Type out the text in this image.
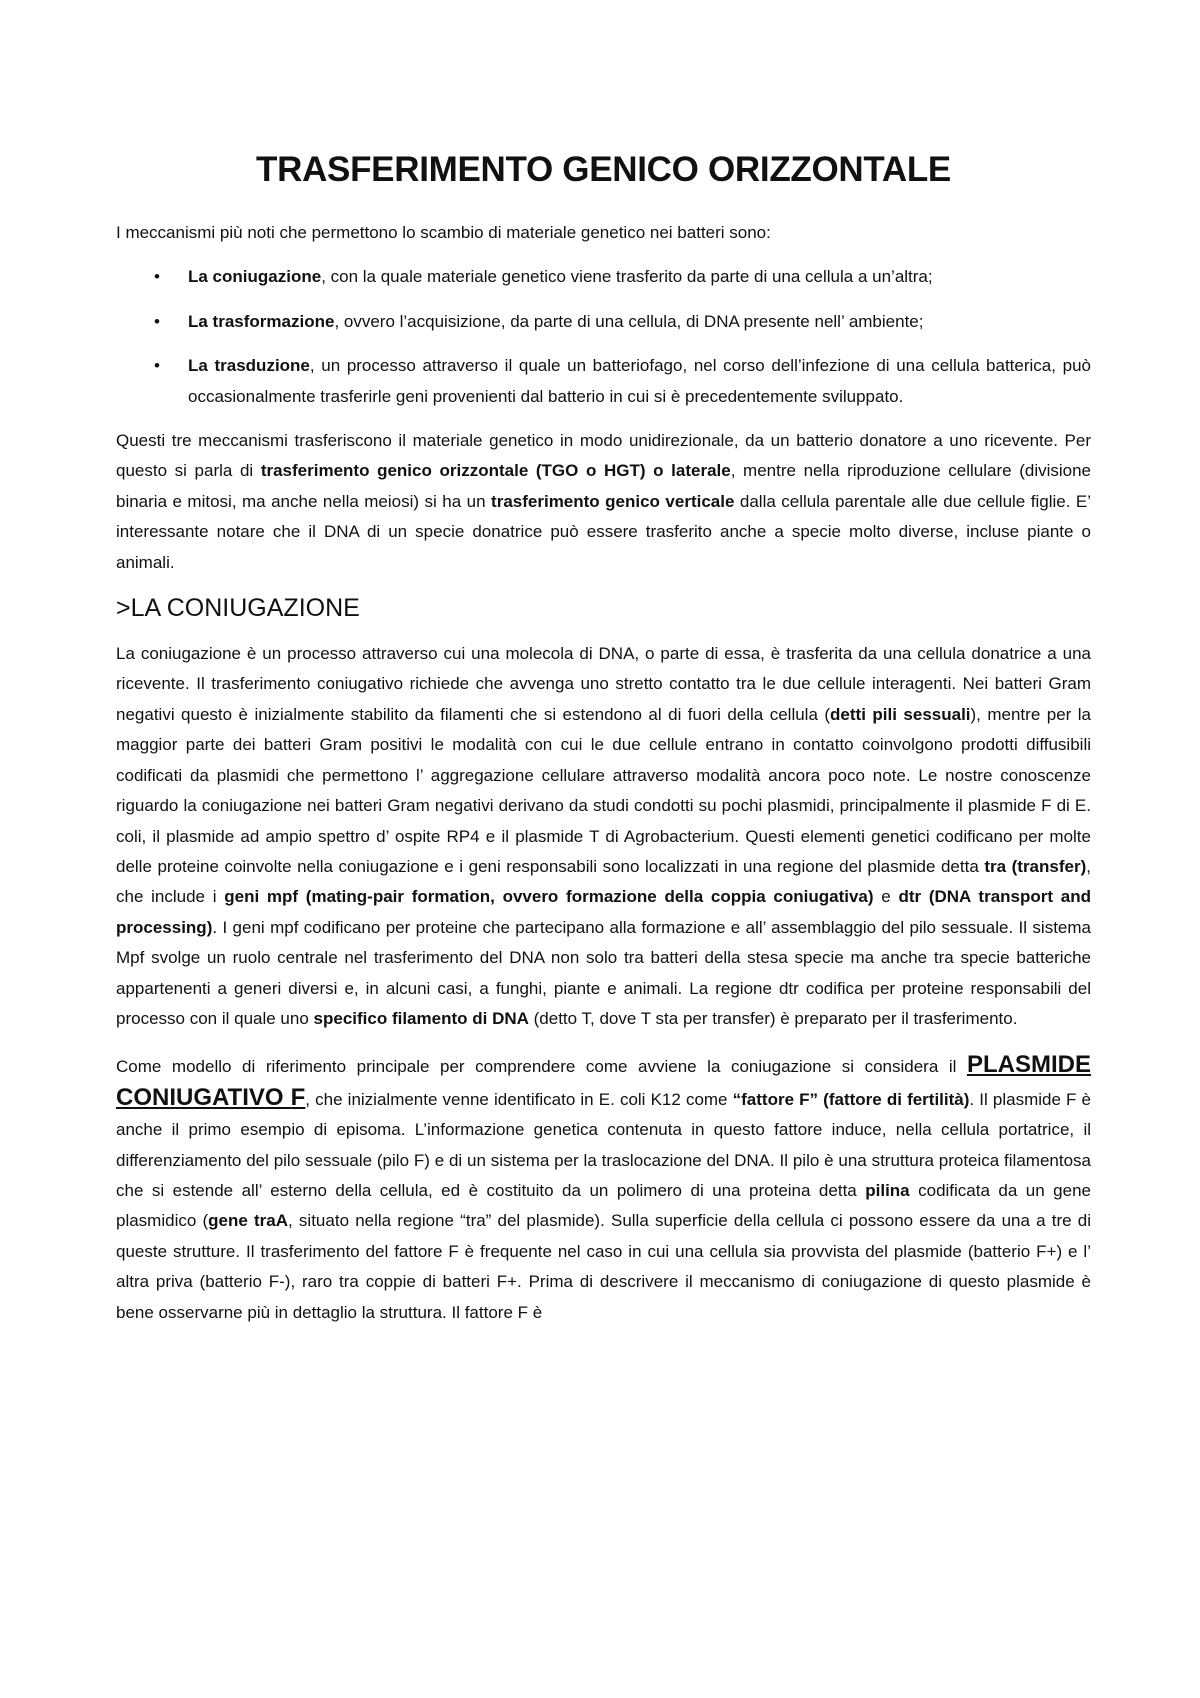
TRASFERIMENTO GENICO ORIZZONTALE

I meccanismi più noti che permettono lo scambio di materiale genetico nei batteri sono:

• La coniugazione, con la quale materiale genetico viene trasferito da parte di una cellula a un’altra;
• La trasformazione, ovvero l’acquisizione, da parte di una cellula, di DNA presente nell’ ambiente;
• La trasduzione, un processo attraverso il quale un batteriofago, nel corso dell’infezione di una cellula batterica, può occasionalmente trasferirle geni provenienti dal batterio in cui si è precedentemente sviluppato.

Questi tre meccanismi trasferiscono il materiale genetico in modo unidirezionale, da un batterio donatore a uno ricevente. Per questo si parla di trasferimento genico orizzontale (TGO o HGT) o laterale, mentre nella riproduzione cellulare (divisione binaria e mitosi, ma anche nella meiosi) si ha un trasferimento genico verticale dalla cellula parentale alle due cellule figlie. E’ interessante notare che il DNA di un specie donatrice può essere trasferito anche a specie molto diverse, incluse piante o animali.

>LA CONIUGAZIONE

La coniugazione è un processo attraverso cui una molecola di DNA, o parte di essa, è trasferita da una cellula donatrice a una ricevente. Il trasferimento coniugativo richiede che avvenga uno stretto contatto tra le due cellule interagenti. Nei batteri Gram negativi questo è inizialmente stabilito da filamenti che si estendono al di fuori della cellula (detti pili sessuali), mentre per la maggior parte dei batteri Gram positivi le modalità con cui le due cellule entrano in contatto coinvolgono prodotti diffusibili codificati da plasmidi che permettono l’ aggregazione cellulare attraverso modalità ancora poco note. Le nostre conoscenze riguardo la coniugazione nei batteri Gram negativi derivano da studi condotti su pochi plasmidi, principalmente il plasmide F di E. coli, il plasmide ad ampio spettro d’ ospite RP4 e il plasmide T di Agrobacterium. Questi elementi genetici codificano per molte delle proteine coinvolte nella coniugazione e i geni responsabili sono localizzati in una regione del plasmide detta tra (transfer), che include i geni mpf (mating-pair formation, ovvero formazione della coppia coniugativa) e dtr (DNA transport and processing). I geni mpf codificano per proteine che partecipano alla formazione e all’ assemblaggio del pilo sessuale. Il sistema Mpf svolge un ruolo centrale nel trasferimento del DNA non solo tra batteri della stesa specie ma anche tra specie batteriche appartenenti a generi diversi e, in alcuni casi, a funghi, piante e animali. La regione dtr codifica per proteine responsabili del processo con il quale uno specifico filamento di DNA (detto T, dove T sta per transfer) è preparato per il trasferimento.

Come modello di riferimento principale per comprendere come avviene la coniugazione si considera il PLASMIDE CONIUGATIVO F, che inizialmente venne identificato in E. coli K12 come “fattore F” (fattore di fertilità). Il plasmide F è anche il primo esempio di episoma. L’informazione genetica contenuta in questo fattore induce, nella cellula portatrice, il differenziamento del pilo sessuale (pilo F) e di un sistema per la traslocazione del DNA. Il pilo è una struttura proteica filamentosa che si estende all’ esterno della cellula, ed è costituito da un polimero di una proteina detta pilina codificata da un gene plasmidico (gene traA, situato nella regione “tra” del plasmide). Sulla superficie della cellula ci possono essere da una a tre di queste strutture. Il trasferimento del fattore F è frequente nel caso in cui una cellula sia provvista del plasmide (batterio F+) e l’ altra priva (batterio F-), raro tra coppie di batteri F+. Prima di descrivere il meccanismo di coniugazione di questo plasmide è bene osservarne più in dettaglio la struttura. Il fattore F è
